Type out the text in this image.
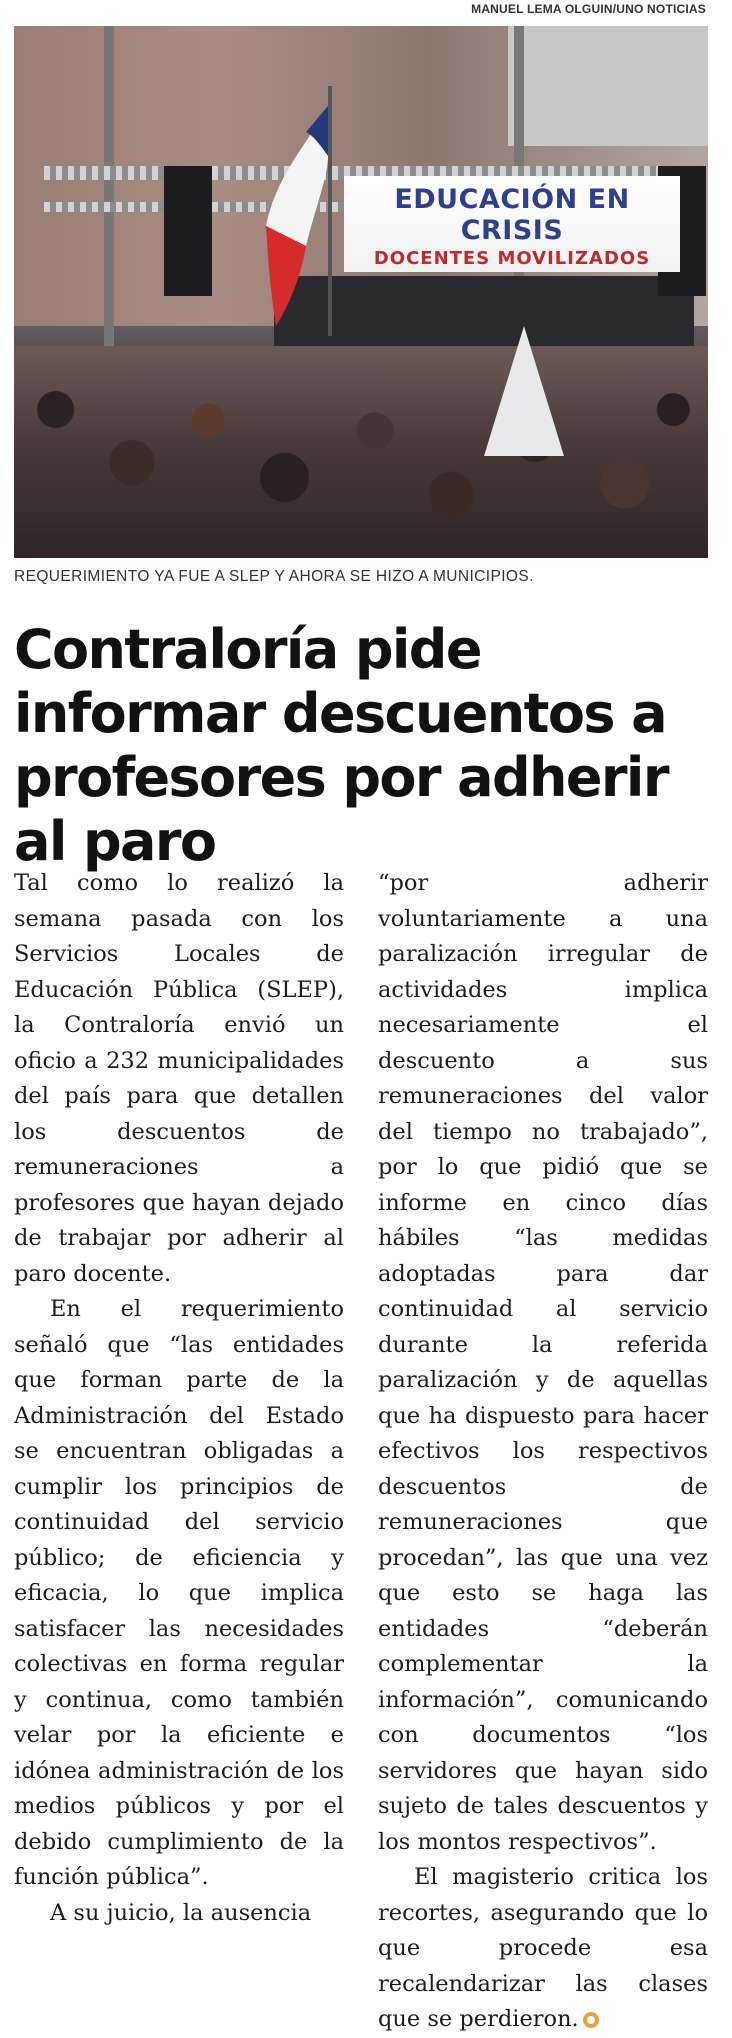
MANUEL LEMA OLGUIN/UNO NOTICIAS
EDUCACIÓN EN CRISIS
DOCENTES MOVILIZADOS
REQUERIMIENTO YA FUE A SLEP Y AHORA SE HIZO A MUNICIPIOS.
Contraloría pide informar descuentos a profesores por adherir al paro

Tal como lo realizó la semana pasada con los Servicios Locales de Educación Pública (SLEP), la Contraloría envió un oficio a 232 municipalidades del país para que detallen los descuentos de remuneraciones a profesores que hayan dejado de trabajar por adherir al paro docente.

En el requerimiento señaló que “las entidades que forman parte de la Administración del Estado se encuentran obligadas a cumplir los principios de continuidad del servicio público; de eficiencia y eficacia, lo que implica satisfacer las necesidades colectivas en forma regular y continua, como también velar por la eficiente e idónea administración de los medios públicos y por el debido cumplimiento de la función pública”.

A su juicio, la ausencia

“por adherir voluntariamente a una paralización irregular de actividades implica necesariamente el descuento a sus remuneraciones del valor del tiempo no trabajado”, por lo que pidió que se informe en cinco días hábiles “las medidas adoptadas para dar continuidad al servicio durante la referida paralización y de aquellas que ha dispuesto para hacer efectivos los respectivos descuentos de remuneraciones que procedan”, las que una vez que esto se haga las entidades “deberán complementar la información”, comunicando con documentos “los servidores que hayan sido sujeto de tales descuentos y los montos respectivos”.

El magisterio critica los recortes, asegurando que lo que procede esa recalendarizar las clases que se perdieron.
